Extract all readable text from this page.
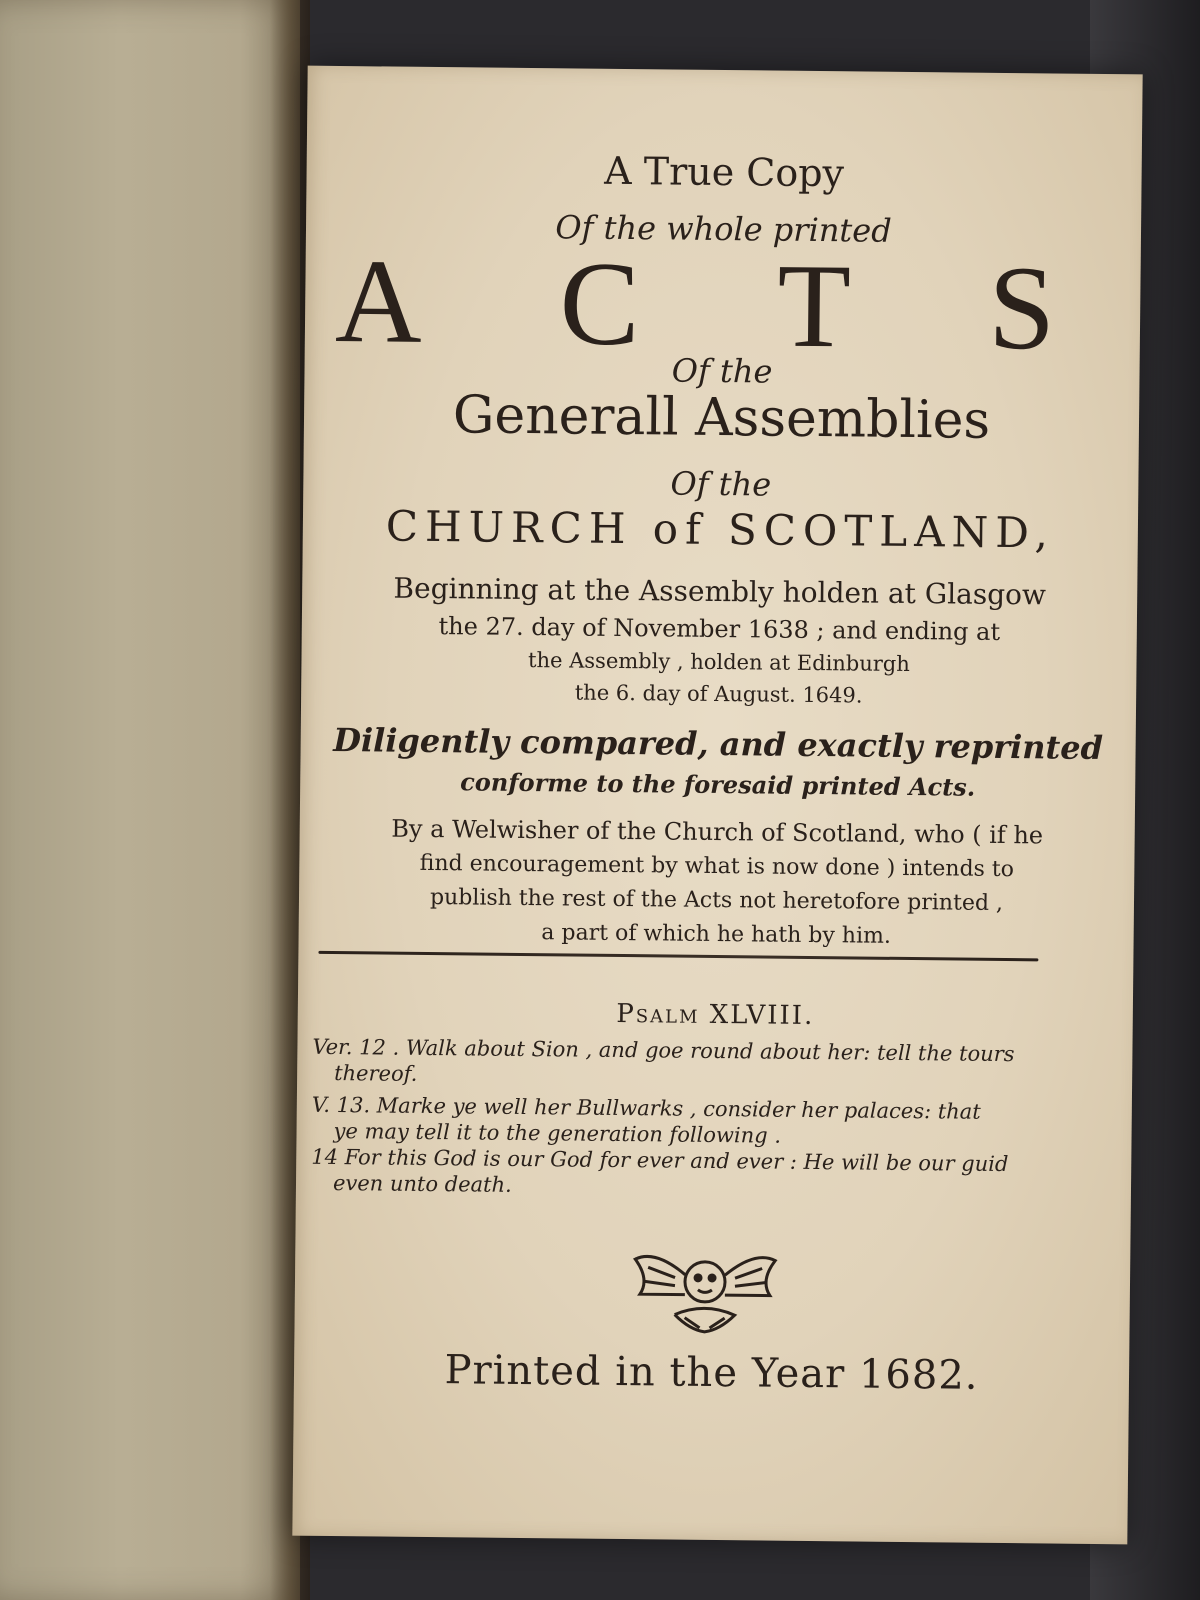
A True Copy
Of the whole printed
A C T S
Of the
Generall Assemblies
Of the
CHURCH of SCOTLAND,
Beginning at the Assembly holden at Glasgow
the 27. day of November 1638 ; and ending at
the Assembly , holden at Edinburgh
the 6. day of August. 1649.
Diligently compared, and exactly reprinted
conforme to the foresaid printed Acts.
By a Welwisher of the Church of Scotland, who ( if he
find encouragement by what is now done ) intends to
publish the rest of the Acts not heretofore printed ,
a part of which he hath by him.
Psalm XLVIII.
Ver. 12 . Walk about Sion , and goe round about her: tell the tours
thereof.
V. 13. Marke ye well her Bullwarks , consider her palaces: that
ye may tell it to the generation following .
14 For this God is our God for ever and ever : He will be our guid
even unto death.
Printed in the Year 1682.
